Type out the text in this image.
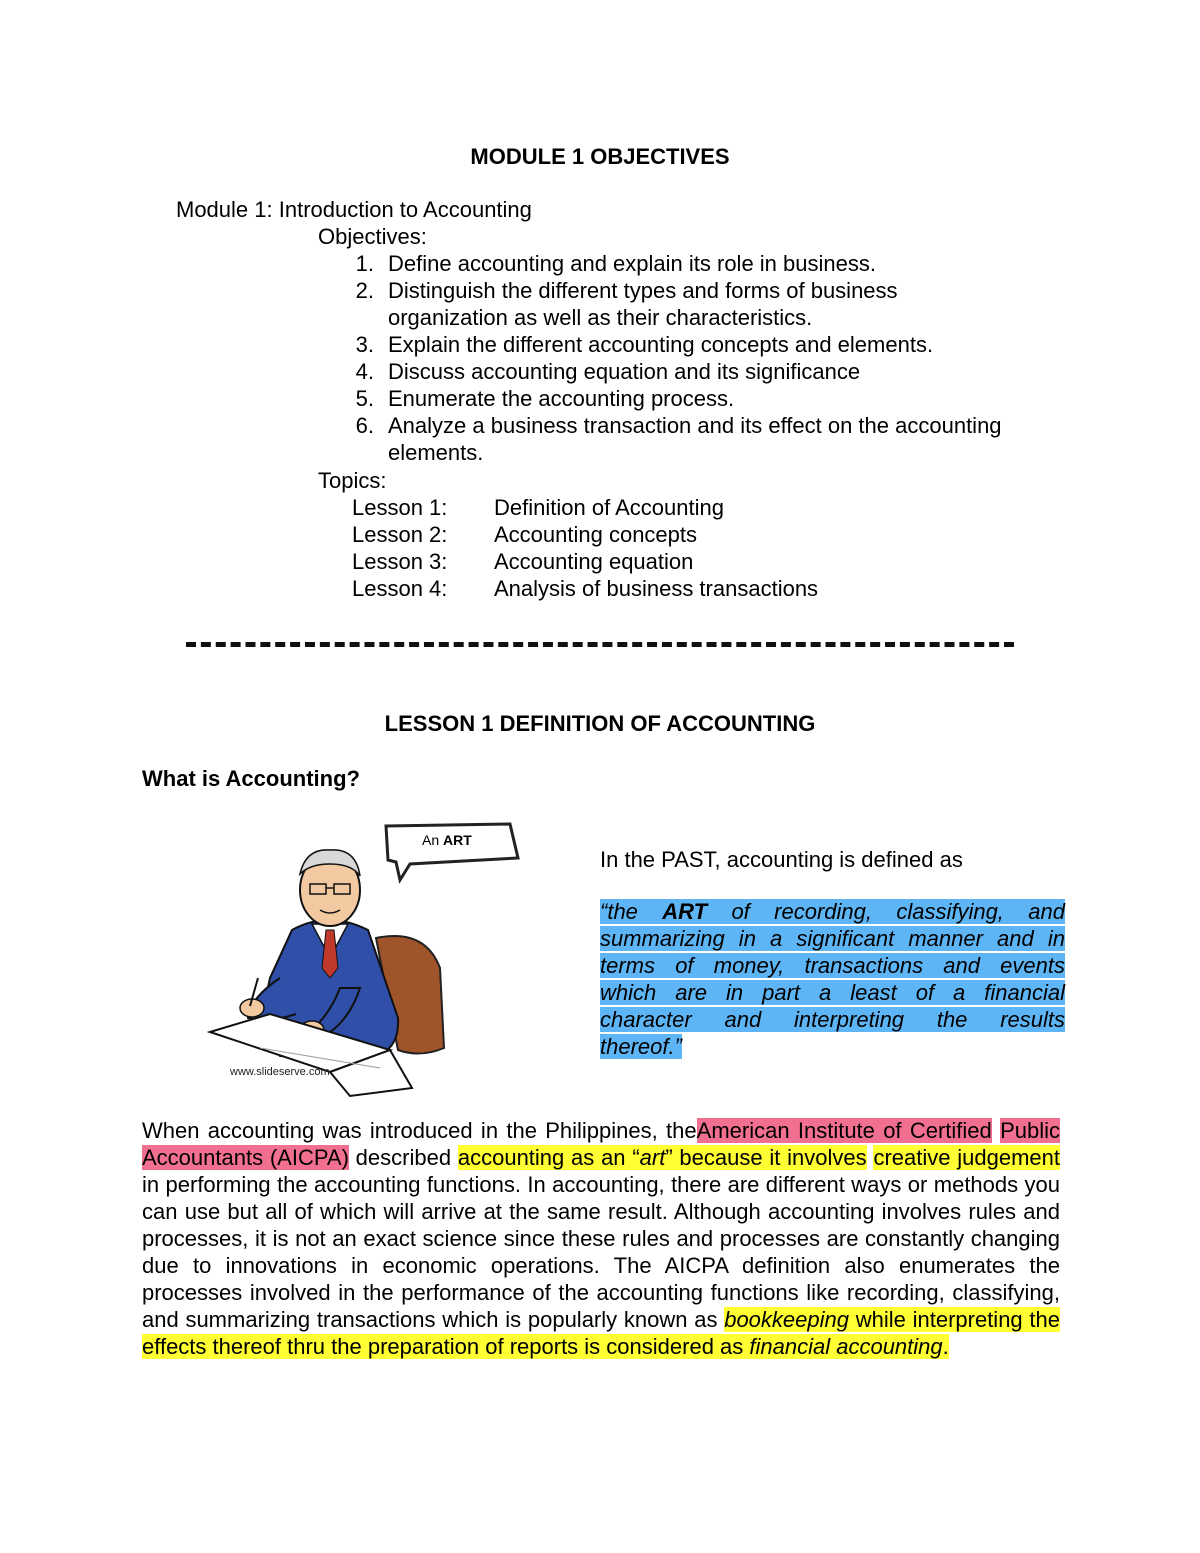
MODULE 1 OBJECTIVES
Module 1: Introduction to Accounting
Objectives:
1. Define accounting and explain its role in business.
2. Distinguish the different types and forms of business
organization as well as their characteristics.
3. Explain the different accounting concepts and elements.
4. Discuss accounting equation and its significance
5. Enumerate the accounting process.
6. Analyze a business transaction and its effect on the accounting
elements.
Topics:
Lesson 1: Definition of Accounting
Lesson 2: Accounting concepts
Lesson 3: Accounting equation
Lesson 4: Analysis of business transactions
LESSON 1 DEFINITION OF ACCOUNTING
What is Accounting?
An ART
www.slideserve.com
In the PAST, accounting is defined as
“the ART of recording, classifying, and
summarizing in a significant manner and in
terms of money, transactions and events
which are in part a least of a financial
character and interpreting the results
thereof.”
When accounting was introduced in the Philippines, theAmerican Institute of Certified Public Accountants (AICPA) described accounting as an “art” because it involves creative judgement in performing the accounting functions. In accounting, there are different ways or methods you can use but all of which will arrive at the same result. Although accounting involves rules and processes, it is not an exact science since these rules and processes are constantly changing due to innovations in economic operations. The AICPA definition also enumerates the processes involved in the performance of the accounting functions like recording, classifying, and summarizing transactions which is popularly known as bookkeeping while interpreting the effects thereof thru the preparation of reports is considered as financial accounting.
